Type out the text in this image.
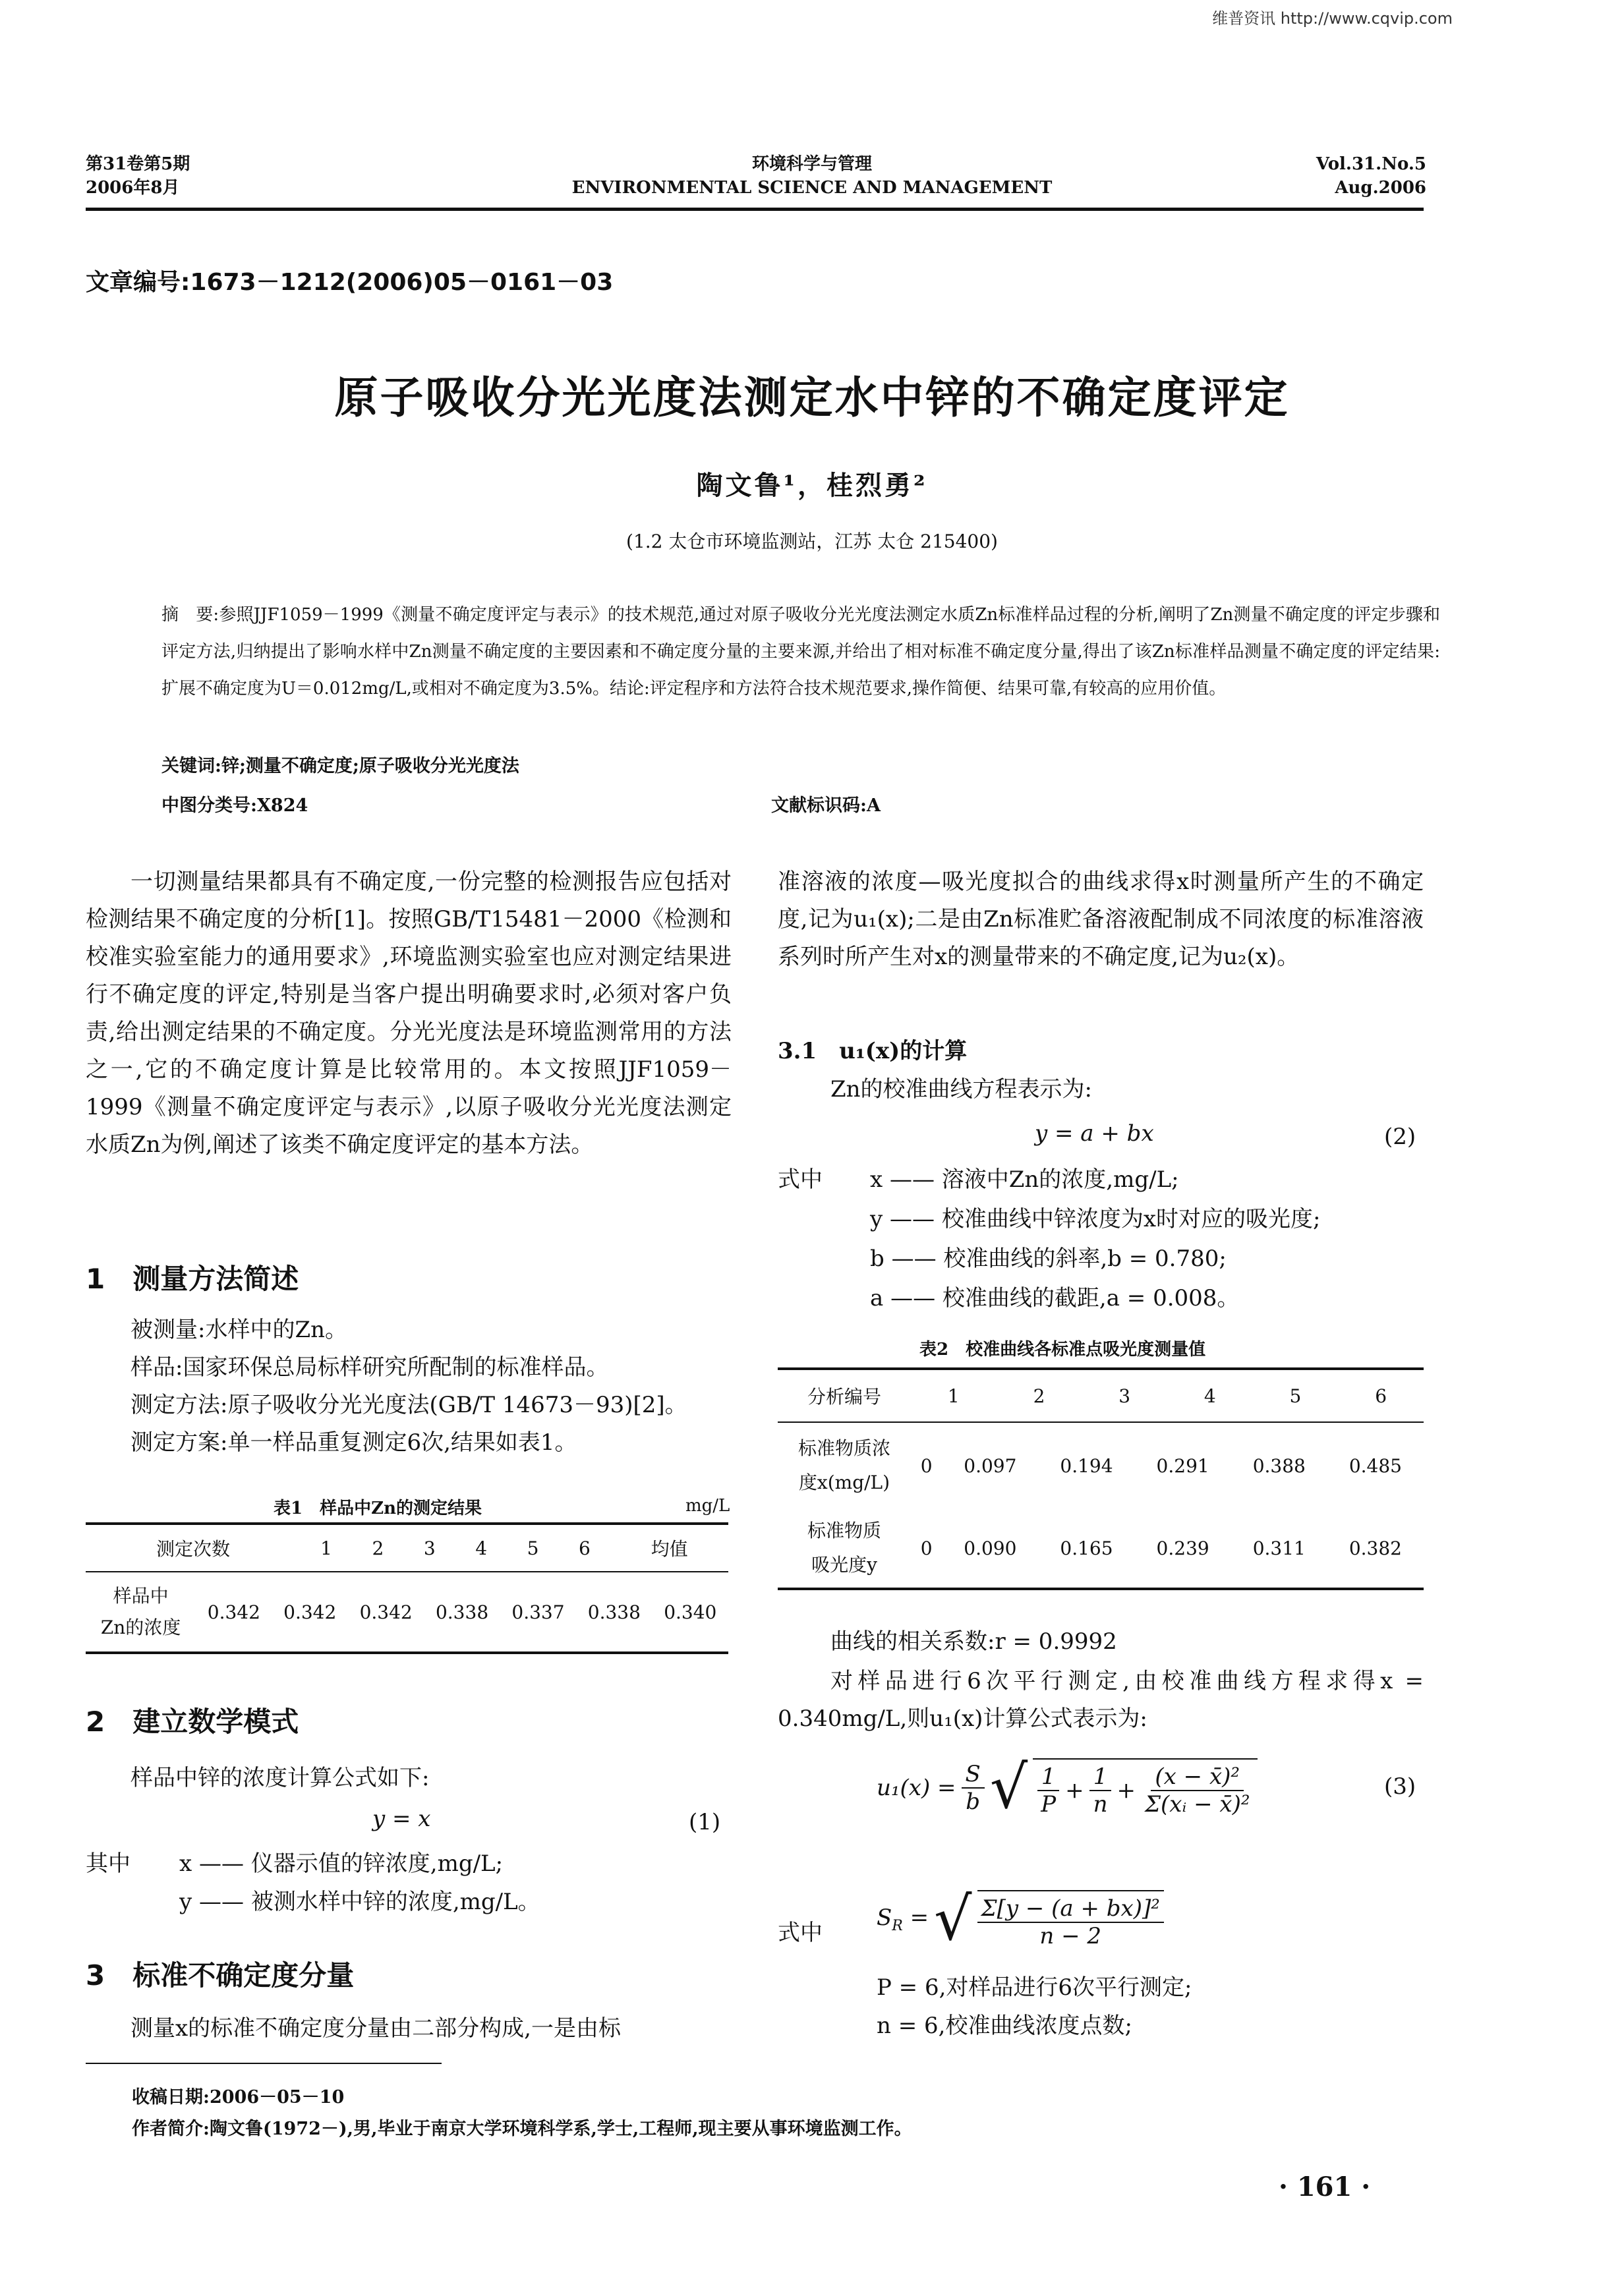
维普资讯 http://www.cqvip.com
第31卷第5期
2006年8月
环境科学与管理
ENVIRONMENTAL SCIENCE AND MANAGEMENT
Vol.31.No.5
Aug.2006
文章编号:1673－1212(2006)05－0161－03
原子吸收分光光度法测定水中锌的不确定度评定
陶文鲁¹，桂烈勇²
(1.2 太仓市环境监测站，江苏 太仓 215400)
摘　要:参照JJF1059－1999《测量不确定度评定与表示》的技术规范,通过对原子吸收分光光度法测定水质Zn标准样品过程的分析,阐明了Zn测量不确定度的评定步骤和评定方法,归纳提出了影响水样中Zn测量不确定度的主要因素和不确定度分量的主要来源,并给出了相对标准不确定度分量,得出了该Zn标准样品测量不确定度的评定结果:扩展不确定度为U＝0.012mg/L,或相对不确定度为3.5%。结论:评定程序和方法符合技术规范要求,操作简便、结果可靠,有较高的应用价值。
关键词:锌;测量不确定度;原子吸收分光光度法
中图分类号:X824	文献标识码:A
一切测量结果都具有不确定度,一份完整的检测报告应包括对检测结果不确定度的分析[1]。按照GB/T15481－2000《检测和校准实验室能力的通用要求》,环境监测实验室也应对测定结果进行不确定度的评定,特别是当客户提出明确要求时,必须对客户负责,给出测定结果的不确定度。分光光度法是环境监测常用的方法之一,它的不确定度计算是比较常用的。本文按照JJF1059－1999《测量不确定度评定与表示》,以原子吸收分光光度法测定水质Zn为例,阐述了该类不确定度评定的基本方法。
1　测量方法简述
被测量:水样中的Zn。
样品:国家环保总局标样研究所配制的标准样品。
测定方法:原子吸收分光光度法(GB/T 14673－93)[2]。
测定方案:单一样品重复测定6次,结果如表1。
表1　样品中Zn的测定结果	mg/L
测定次数	1	2	3	4	5	6	均值
样品中
Zn的浓度
	0.342	0.342	0.342	0.338	0.337	0.338	0.340
2　建立数学模式
样品中锌的浓度计算公式如下:
y = x	(1)
其中 x —— 仪器示值的锌浓度,mg/L;
y —— 被测水样中锌的浓度,mg/L。
3　标准不确定度分量
测量x的标准不确定度分量由二部分构成,一是由标
准溶液的浓度—吸光度拟合的曲线求得x时测量所产生的不确定度,记为u₁(x);二是由Zn标准贮备溶液配制成不同浓度的标准溶液系列时所产生对x的测量带来的不确定度,记为u₂(x)。
3.1　u₁(x)的计算
Zn的校准曲线方程表示为:
y = a + bx	(2)
式中 x —— 溶液中Zn的浓度,mg/L;
y —— 校准曲线中锌浓度为x时对应的吸光度;
b —— 校准曲线的斜率,b = 0.780;
a —— 校准曲线的截距,a = 0.008。
表2　校准曲线各标准点吸光度测量值
分析编号	1	2	3	4	5	6
标准物质浓
度x(mg/L)	0	0.097	0.194	0.291	0.388	0.485

标准物质
吸光度y	0	0.090	0.165	0.239	0.311	0.382
曲线的相关系数:r = 0.9992
对样品进行6次平行测定,由校准曲线方程求得x = 0.340mg/L,则u₁(x)计算公式表示为:
$u_1(x) = \frac{S}{b}$ √ $\frac{1}{P} + \frac{1}{n} + \frac{\text{(x − x̄)²}}{\text{Σ(xᵢ − x̄)²}}$	(3)
式中
$S_R$ = √ $\frac{\text{Σ[y − (a + bx)]²}}{n - 2}$
P = 6,对样品进行6次平行测定;
n = 6,校准曲线浓度点数;
收稿日期:2006－05－10
作者简介:陶文鲁(1972－),男,毕业于南京大学环境科学系,学士,工程师,现主要从事环境监测工作。
· 161 ·
